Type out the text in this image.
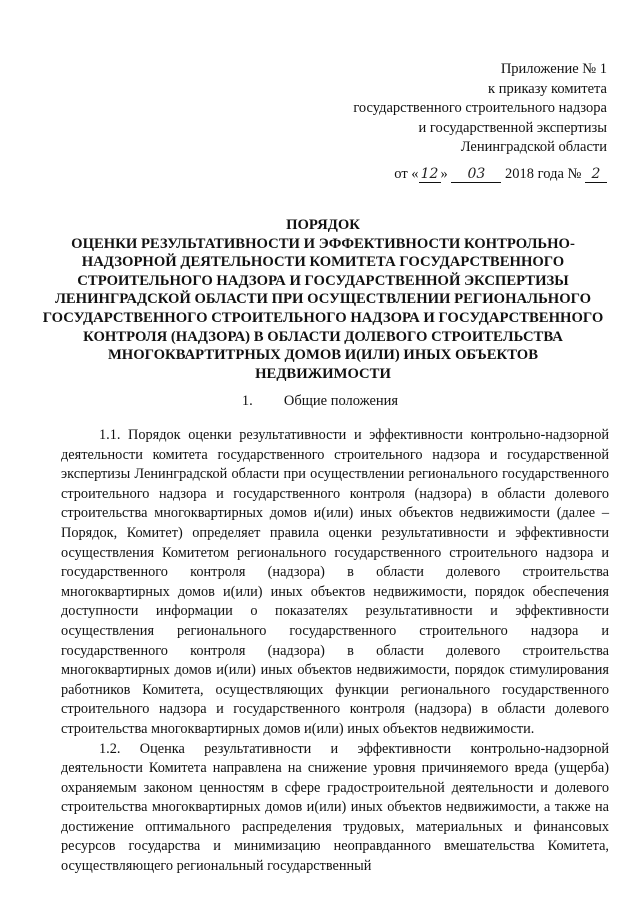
Приложение № 1
к приказу комитета
государственного строительного надзора
и государственной экспертизы
Ленинградской области
от « 12 » 03 2018 года № 2

ПОРЯДОК

ОЦЕНКИ РЕЗУЛЬТАТИВНОСТИ И ЭФФЕКТИВНОСТИ КОНТРОЛЬНО-НАДЗОРНОЙ ДЕЯТЕЛЬНОСТИ КОМИТЕТА ГОСУДАРСТВЕННОГО СТРОИТЕЛЬНОГО НАДЗОРА И ГОСУДАРСТВЕННОЙ ЭКСПЕРТИЗЫ ЛЕНИНГРАДСКОЙ ОБЛАСТИ ПРИ ОСУЩЕСТВЛЕНИИ РЕГИОНАЛЬНОГО ГОСУДАРСТВЕННОГО СТРОИТЕЛЬНОГО НАДЗОРА И ГОСУДАРСТВЕННОГО КОНТРОЛЯ (НАДЗОРА) В ОБЛАСТИ ДОЛЕВОГО СТРОИТЕЛЬСТВА МНОГОКВАРТИТРНЫХ ДОМОВ И(ИЛИ) ИНЫХ ОБЪЕКТОВ НЕДВИЖИМОСТИ

1. Общие положения

1.1. Порядок оценки результативности и эффективности контрольно-надзорной деятельности комитета государственного строительного надзора и государственной экспертизы Ленинградской области при осуществлении регионального государственного строительного надзора и государственного контроля (надзора) в области долевого строительства многоквартирных домов и(или) иных объектов недвижимости (далее – Порядок, Комитет) определяет правила оценки результативности и эффективности осуществления Комитетом регионального государственного строительного надзора и государственного контроля (надзора) в области долевого строительства многоквартирных домов и(или) иных объектов недвижимости, порядок обеспечения доступности информации о показателях результативности и эффективности осуществления регионального государственного строительного надзора и государственного контроля (надзора) в области долевого строительства многоквартирных домов и(или) иных объектов недвижимости, порядок стимулирования работников Комитета, осуществляющих функции регионального государственного строительного надзора и государственного контроля (надзора) в области долевого строительства многоквартирных домов и(или) иных объектов недвижимости.

1.2. Оценка результативности и эффективности контрольно-надзорной деятельности Комитета направлена на снижение уровня причиняемого вреда (ущерба) охраняемым законом ценностям в сфере градостроительной деятельности и долевого строительства многоквартирных домов и(или) иных объектов недвижимости, а также на достижение оптимального распределения трудовых, материальных и финансовых ресурсов государства и минимизацию неоправданного вмешательства Комитета, осуществляющего региональный государственный
